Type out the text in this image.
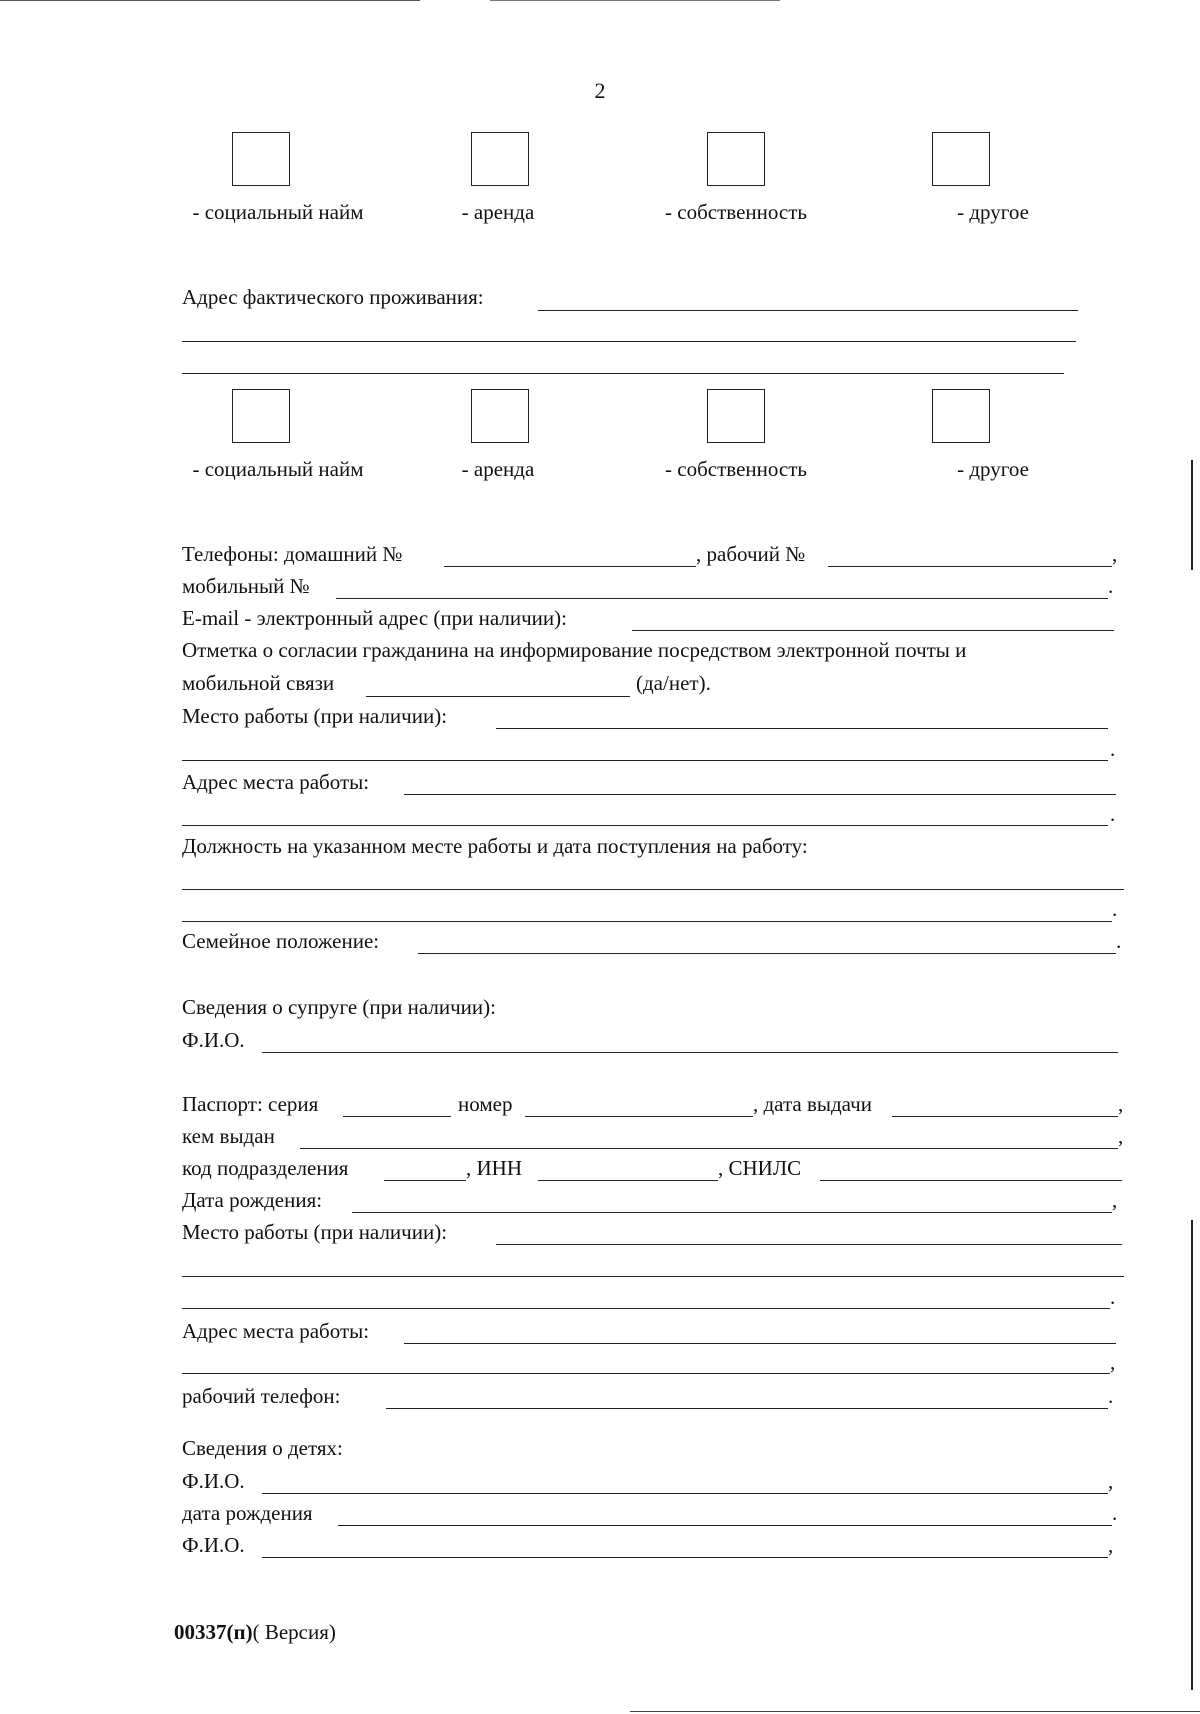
2
- социальный найм	- аренда	- собственность	- другое
Адрес фактического проживания:
- социальный найм	- аренда	- собственность	- другое
Телефоны: домашний №	, рабочий №	,
мобильный №	.
E-mail - электронный адрес (при наличии):
Отметка о согласии гражданина на информирование посредством электронной почты и
мобильной связи	(да/нет).
Место работы (при наличии):
.
Адрес места работы:
.
Должность на указанном месте работы и дата поступления на работу:
.
Семейное положение:	.
Сведения о супруге (при наличии):
Ф.И.О.
Паспорт: серия	номер	, дата выдачи	,
кем выдан	,
код подразделения	, ИНН	, СНИЛС
Дата рождения:	,
Место работы (при наличии):
.
Адрес места работы:
,
рабочий телефон:	.
Сведения о детях:
Ф.И.О.	,
дата рождения	.
Ф.И.О.	,
00337(п)( Версия)
